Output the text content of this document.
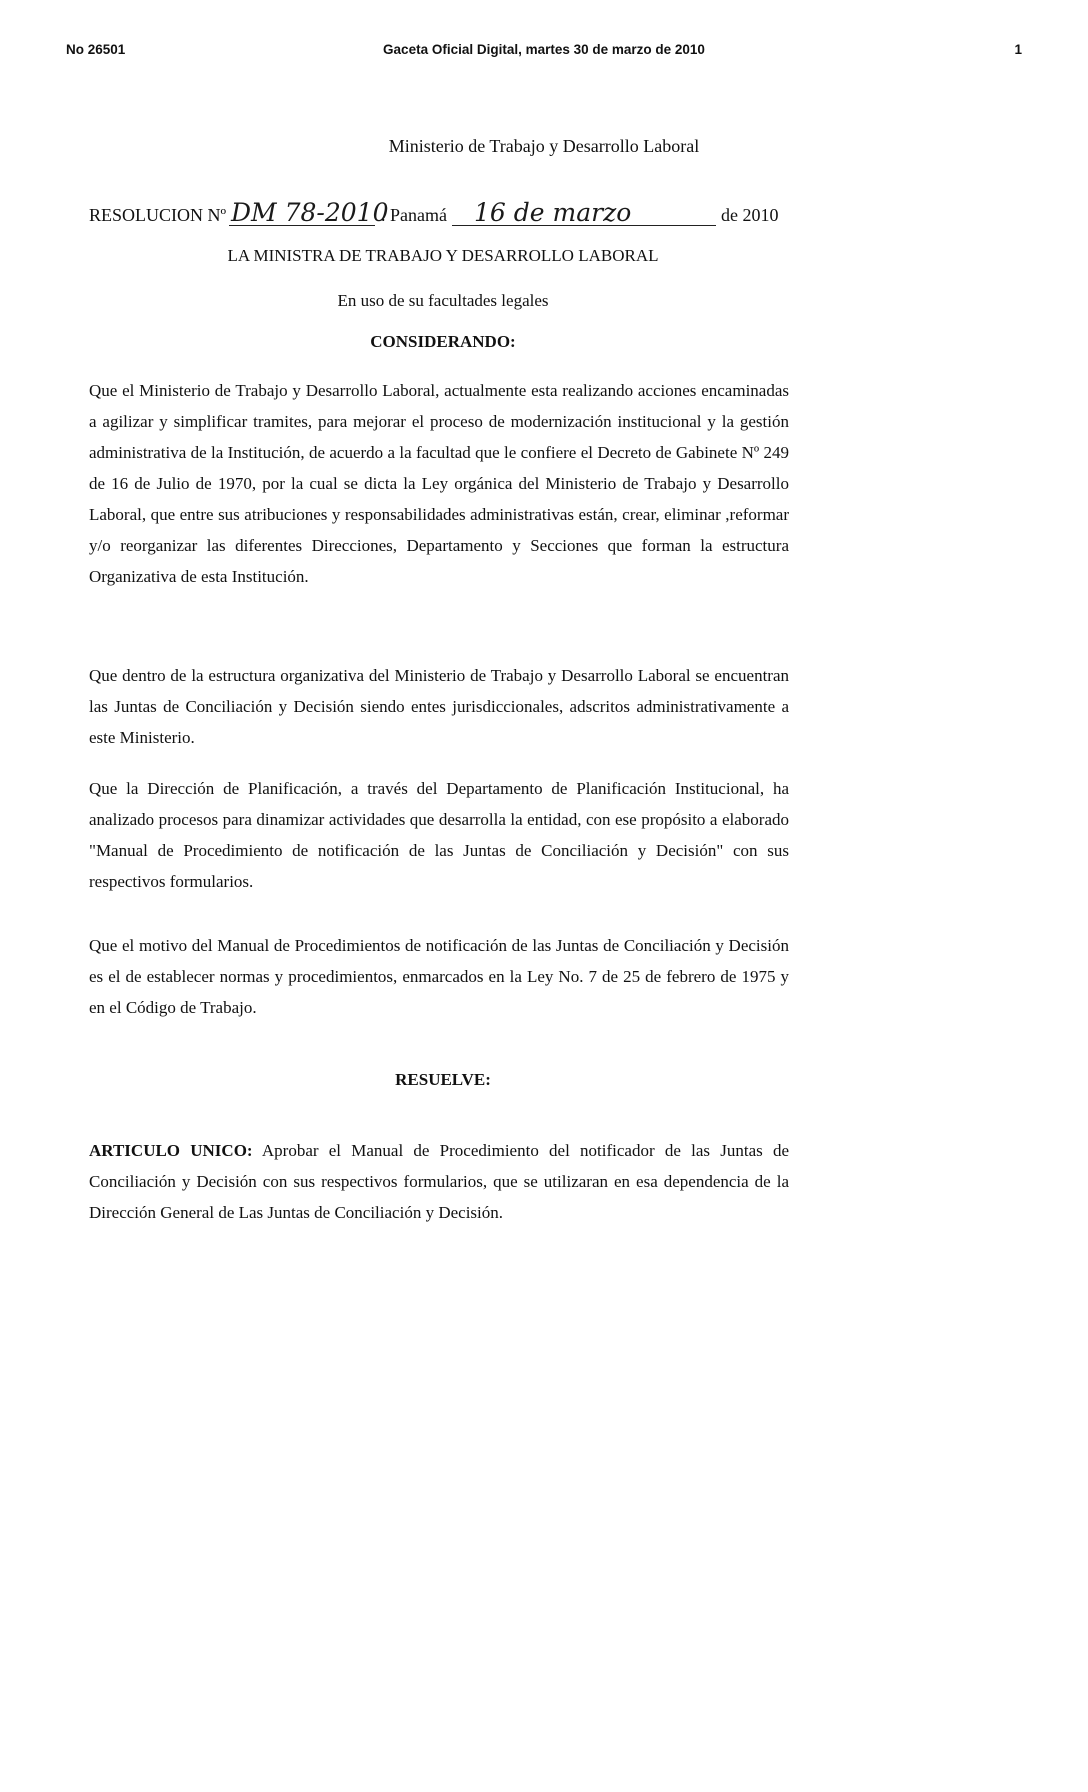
No 26501	Gaceta Oficial Digital, martes 30 de marzo de 2010	1
Ministerio de Trabajo y Desarrollo Laboral
RESOLUCION Nº DM 78-2010
. Panamá 16 de marzo	de 2010
LA MINISTRA DE TRABAJO Y DESARROLLO LABORAL
En uso de su facultades legales
CONSIDERANDO:

Que el Ministerio de Trabajo y Desarrollo Laboral, actualmente esta realizando acciones encaminadas a agilizar y simplificar tramites, para mejorar el proceso de modernización institucional y la gestión administrativa de la Institución, de acuerdo a la facultad que le confiere el Decreto de Gabinete Nº 249 de 16 de Julio de 1970, por la cual se dicta la Ley orgánica del Ministerio de Trabajo y Desarrollo Laboral, que entre sus atribuciones y responsabilidades administrativas están, crear, eliminar ,reformar y/o reorganizar las diferentes Direcciones, Departamento y Secciones que forman la estructura Organizativa de esta Institución.

Que dentro de la estructura organizativa del Ministerio de Trabajo y Desarrollo Laboral se encuentran las Juntas de Conciliación y Decisión siendo entes jurisdiccionales, adscritos administrativamente a este Ministerio.

Que la Dirección de Planificación, a través del Departamento de Planificación Institucional, ha analizado procesos para dinamizar actividades que desarrolla la entidad, con ese propósito a elaborado "Manual de Procedimiento de notificación de las Juntas de Conciliación y Decisión" con sus respectivos formularios.

Que el motivo del Manual de Procedimientos de notificación de las Juntas de Conciliación y Decisión es el de establecer normas y procedimientos, enmarcados en la Ley No. 7 de 25 de febrero de 1975 y en el Código de Trabajo.

RESUELVE:

ARTICULO UNICO: Aprobar el Manual de Procedimiento del notificador de las Juntas de Conciliación y Decisión con sus respectivos formularios, que se utilizaran en esa dependencia de la Dirección General de Las Juntas de Conciliación y Decisión.
